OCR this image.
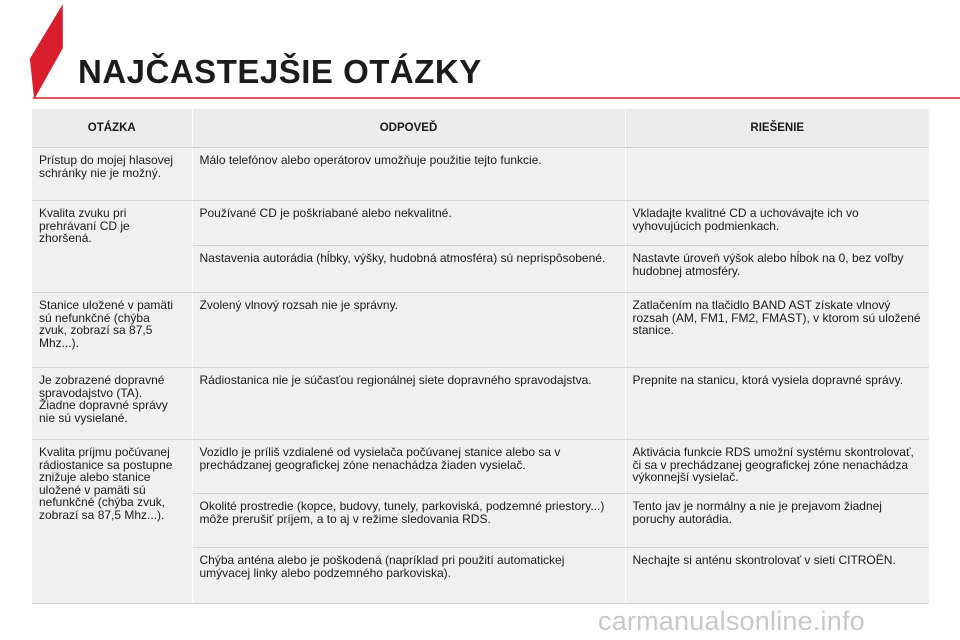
NAJČASTEJŠIE OTÁZKY
OTÁZKA	ODPOVEĎ	RIEŠENIE
Prístup do mojej hlasovej schránky nie je možný.	Málo telefónov alebo operátorov umožňuje použitie tejto funkcie.	
Kvalita zvuku pri prehrávaní CD je zhoršená.	Používané CD je poškriabané alebo nekvalitné.	Vkladajte kvalitné CD a uchovávajte ich vo vyhovujúcich podmienkach.
	Nastavenia autorádia (hĺbky, výšky, hudobná atmosféra) sú neprispôsobené.	Nastavte úroveň výšok alebo hĺbok na 0, bez voľby hudobnej atmosféry.
Stanice uložené v pamäti sú nefunkčné (chýba zvuk, zobrazí sa 87,5 Mhz...).	Zvolený vlnový rozsah nie je správny.	Zatlačením na tlačidlo BAND AST získate vlnový rozsah (AM, FM1, FM2, FMAST), v ktorom sú uložené stanice.
Je zobrazené dopravné spravodajstvo (TA). Žiadne dopravné správy nie sú vysielané.	Rádiostanica nie je súčasťou regionálnej siete dopravného spravodajstva.	Prepnite na stanicu, ktorá vysiela dopravné správy.
Kvalita príjmu počúvanej rádiostanice sa postupne znižuje alebo stanice uložené v pamäti sú nefunkčné (chýba zvuk, zobrazí sa 87,5 Mhz...).	Vozidlo je príliš vzdialené od vysielača počúvanej stanice alebo sa v prechádzanej geografickej zóne nenachádza žiaden vysielač.	Aktivácia funkcie RDS umožní systému skontrolovať, či sa v prechádzanej geografickej zóne nenachádza výkonnejší vysielač.
	Okolité prostredie (kopce, budovy, tunely, parkoviská, podzemné priestory...) môže prerušiť príjem, a to aj v režime sledovania RDS.	Tento jav je normálny a nie je prejavom žiadnej poruchy autorádia.
	Chýba anténa alebo je poškodená (napríklad pri použití automatickej umývacej linky alebo podzemného parkoviska).	Nechajte si anténu skontrolovať v sieti CITROËN.
carmanualsonline.info
